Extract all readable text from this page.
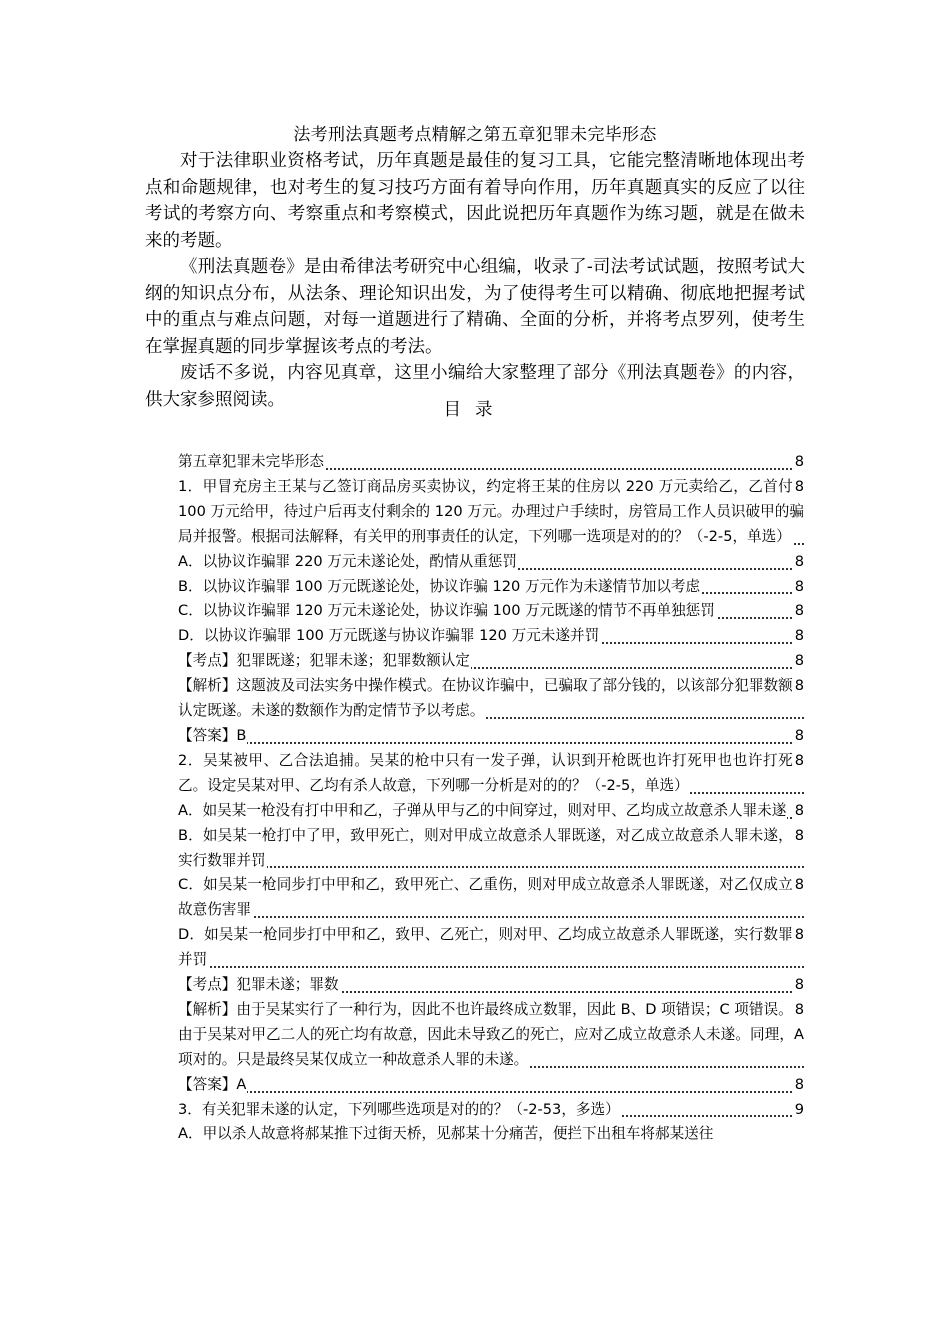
法考刑法真题考点精解之第五章犯罪未完毕形态

对于法律职业资格考试，历年真题是最佳的复习工具，它能完整清晰地体现出考点和命题规律，也对考生的复习技巧方面有着导向作用，历年真题真实的反应了以往考试的考察方向、考察重点和考察模式，因此说把历年真题作为练习题，就是在做未来的考题。

《刑法真题卷》是由希律法考研究中心组编，收录了-司法考试试题，按照考试大纲的知识点分布，从法条、理论知识出发，为了使得考生可以精确、彻底地把握考试中的重点与难点问题，对每一道题进行了精确、全面的分析，并将考点罗列，使考生在掌握真题的同步掌握该考点的考法。

废话不多说，内容见真章，这里小编给大家整理了部分《刑法真题卷》的内容，供大家参照阅读。

目录
8
第五章犯罪未完毕形态
8
1．甲冒充房主王某与乙签订商品房买卖协议，约定将王某的住房以 220 万元卖给乙，乙首付 100 万元给甲，待过户后再支付剩余的 120 万元。办理过户手续时，房管局工作人员识破甲的骗局并报警。根据司法解释，有关甲的刑事责任的认定，下列哪一选项是对的的？（-2-5，单选）
8
A．以协议诈骗罪 220 万元未遂论处，酌情从重惩罚
8
B．以协议诈骗罪 100 万元既遂论处，协议诈骗 120 万元作为未遂情节加以考虑
8
C．以协议诈骗罪 120 万元未遂论处，协议诈骗 100 万元既遂的情节不再单独惩罚
8
D．以协议诈骗罪 100 万元既遂与协议诈骗罪 120 万元未遂并罚
8
【考点】犯罪既遂；犯罪未遂；犯罪数额认定
8
【解析】这题波及司法实务中操作模式。在协议诈骗中，已骗取了部分钱的，以该部分犯罪数额认定既遂。未遂的数额作为酌定情节予以考虑。
8
【答案】B
8
2．吴某被甲、乙合法追捕。吴某的枪中只有一发子弹，认识到开枪既也许打死甲也也许打死乙。设定吴某对甲、乙均有杀人故意，下列哪一分析是对的的？（-2-5，单选）
8
A．如吴某一枪没有打中甲和乙，子弹从甲与乙的中间穿过，则对甲、乙均成立故意杀人罪未遂
8
B．如吴某一枪打中了甲，致甲死亡，则对甲成立故意杀人罪既遂，对乙成立故意杀人罪未遂，实行数罪并罚
8
C．如吴某一枪同步打中甲和乙，致甲死亡、乙重伤，则对甲成立故意杀人罪既遂，对乙仅成立故意伤害罪
8
D．如吴某一枪同步打中甲和乙，致甲、乙死亡，则对甲、乙均成立故意杀人罪既遂，实行数罪并罚
8
【考点】犯罪未遂；罪数
8
【解析】由于吴某实行了一种行为，因此不也许最终成立数罪，因此 B、D 项错误；C 项错误。由于吴某对甲乙二人的死亡均有故意，因此未导致乙的死亡，应对乙成立故意杀人未遂。同理，A 项对的。只是最终吴某仅成立一种故意杀人罪的未遂。
8
【答案】A
9
3．有关犯罪未遂的认定，下列哪些选项是对的的？（-2-53，多选）
A．甲以杀人故意将郝某推下过街天桥，见郝某十分痛苦，便拦下出租车将郝某送往
